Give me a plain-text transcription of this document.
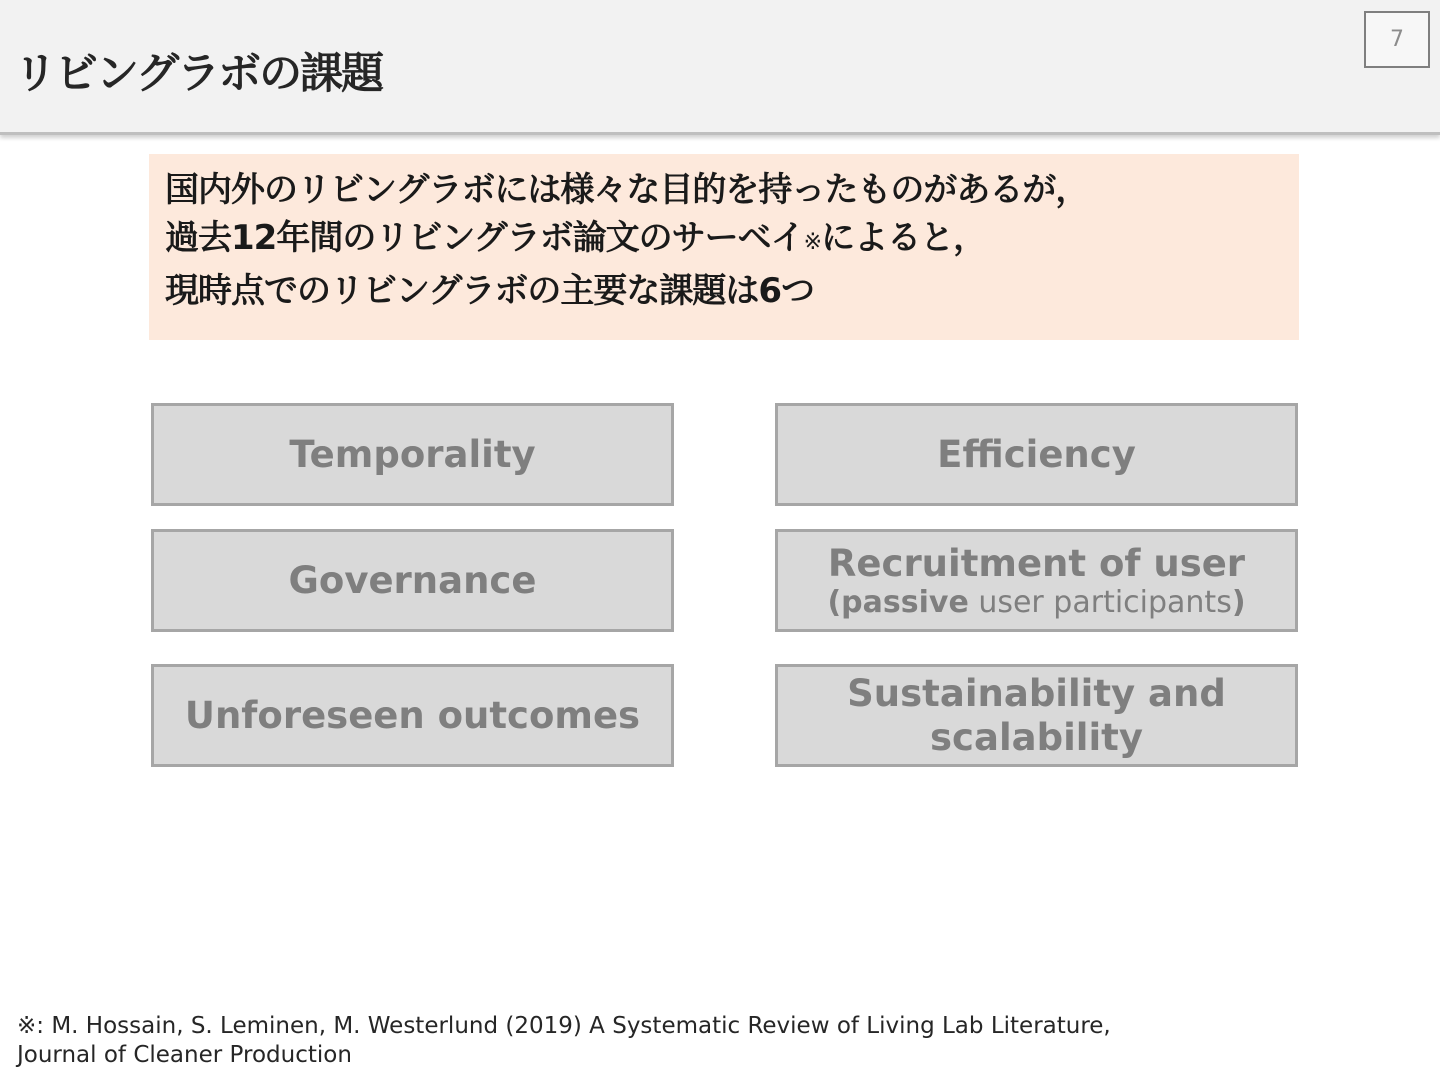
リビングラボの課題
7
国内外のリビングラボには様々な目的を持ったものがあるが，
過去12年間のリビングラボ論文のサーベイ※によると，
現時点でのリビングラボの主要な課題は6つ
Temporality	Efficiency
Governance	Recruitment of user
(passive user participants)
Unforeseen outcomes
Sustainability and
scalability
※: M. Hossain, S. Leminen, M. Westerlund (2019) A Systematic Review of Living Lab Literature,
Journal of Cleaner Production
